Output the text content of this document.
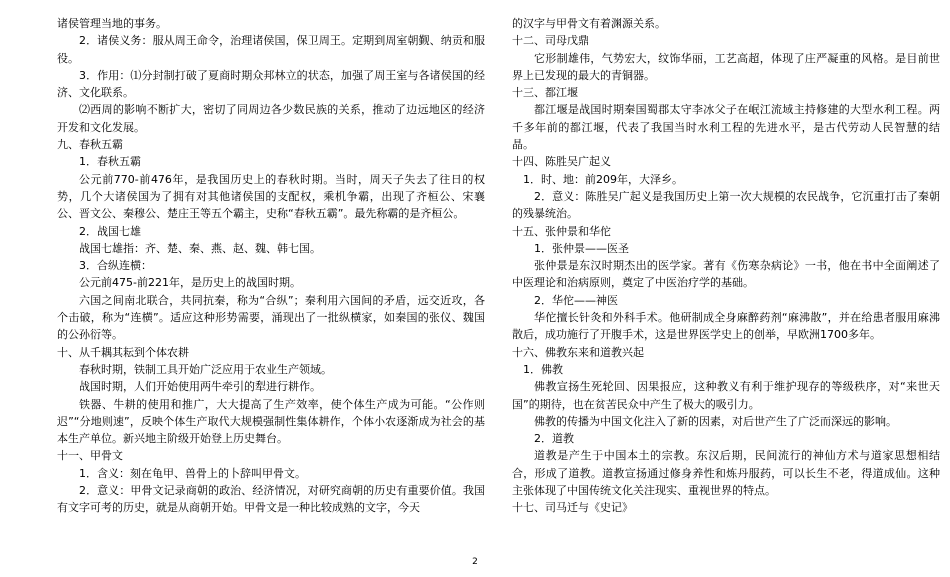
诸侯管理当地的事务。

2．诸侯义务：服从周王命令，治理诸侯国，保卫周王。定期到周室朝觐、纳贡和服役。

3．作用：⑴分封制打破了夏商时期众邦林立的状态，加强了周王室与各诸侯国的经济、文化联系。

⑵西周的影响不断扩大，密切了同周边各少数民族的关系，推动了边远地区的经济开发和文化发展。

九、春秋五霸

1．春秋五霸

公元前770-前476年，是我国历史上的春秋时期。当时，周天子失去了往日的权势，几个大诸侯国为了拥有对其他诸侯国的支配权，乘机争霸，出现了齐桓公、宋襄公、晋文公、秦穆公、楚庄王等五个霸主，史称“春秋五霸”。最先称霸的是齐桓公。

2．战国七雄

战国七雄指：齐、楚、秦、燕、赵、魏、韩七国。

3．合纵连横：

公元前475-前221年，是历史上的战国时期。

六国之间南北联合，共同抗秦，称为“合纵”；秦利用六国间的矛盾，远交近攻，各个击破，称为“连横”。适应这种形势需要，涌现出了一批纵横家，如秦国的张仪、魏国的公孙衍等。

十、从千耦其耘到个体农耕

春秋时期，铁制工具开始广泛应用于农业生产领域。

战国时期，人们开始使用两牛牵引的犁进行耕作。

铁器、牛耕的使用和推广，大大提高了生产效率，使个体生产成为可能。“公作则迟”“分地则速”，反映个体生产取代大规模强制性集体耕作，个体小农逐渐成为社会的基本生产单位。新兴地主阶级开始登上历史舞台。

十一、甲骨文

1．含义：刻在龟甲、兽骨上的卜辞叫甲骨文。

2．意义：甲骨文记录商朝的政治、经济情况，对研究商朝的历史有重要价值。我国有文字可考的历史，就是从商朝开始。甲骨文是一种比较成熟的文字，今天

的汉字与甲骨文有着渊源关系。

十二、司母戊鼎

它形制雄伟，气势宏大，纹饰华丽，工艺高超，体现了庄严凝重的风格。是目前世界上已发现的最大的青铜器。

十三、都江堰

都江堰是战国时期秦国蜀郡太守李冰父子在岷江流域主持修建的大型水利工程。两千多年前的都江堰，代表了我国当时水利工程的先进水平，是古代劳动人民智慧的结晶。

十四、陈胜吴广起义

1．时、地：前209年，大泽乡。

2．意义：陈胜吴广起义是我国历史上第一次大规模的农民战争，它沉重打击了秦朝的残暴统治。

十五、张仲景和华佗

1．张仲景——医圣

张仲景是东汉时期杰出的医学家。著有《伤寒杂病论》一书，他在书中全面阐述了中医理论和治病原则，奠定了中医治疗学的基础。

2．华佗——神医

华佗擅长针灸和外科手术。他研制成全身麻醉药剂“麻沸散”，并在给患者服用麻沸散后，成功施行了开腹手术，这是世界医学史上的创举，早欧洲1700多年。

十六、佛教东来和道教兴起

1．佛教

佛教宣扬生死轮回、因果报应，这种教义有利于维护现存的等级秩序，对“来世天国”的期待，也在贫苦民众中产生了极大的吸引力。

佛教的传播为中国文化注入了新的因素，对后世产生了广泛而深远的影响。

2．道教

道教是产生于中国本土的宗教。东汉后期，民间流行的神仙方术与道家思想相结合，形成了道教。道教宣扬通过修身养性和炼丹服药，可以长生不老，得道成仙。这种主张体现了中国传统文化关注现实、重视世界的特点。

十七、司马迁与《史记》

2
